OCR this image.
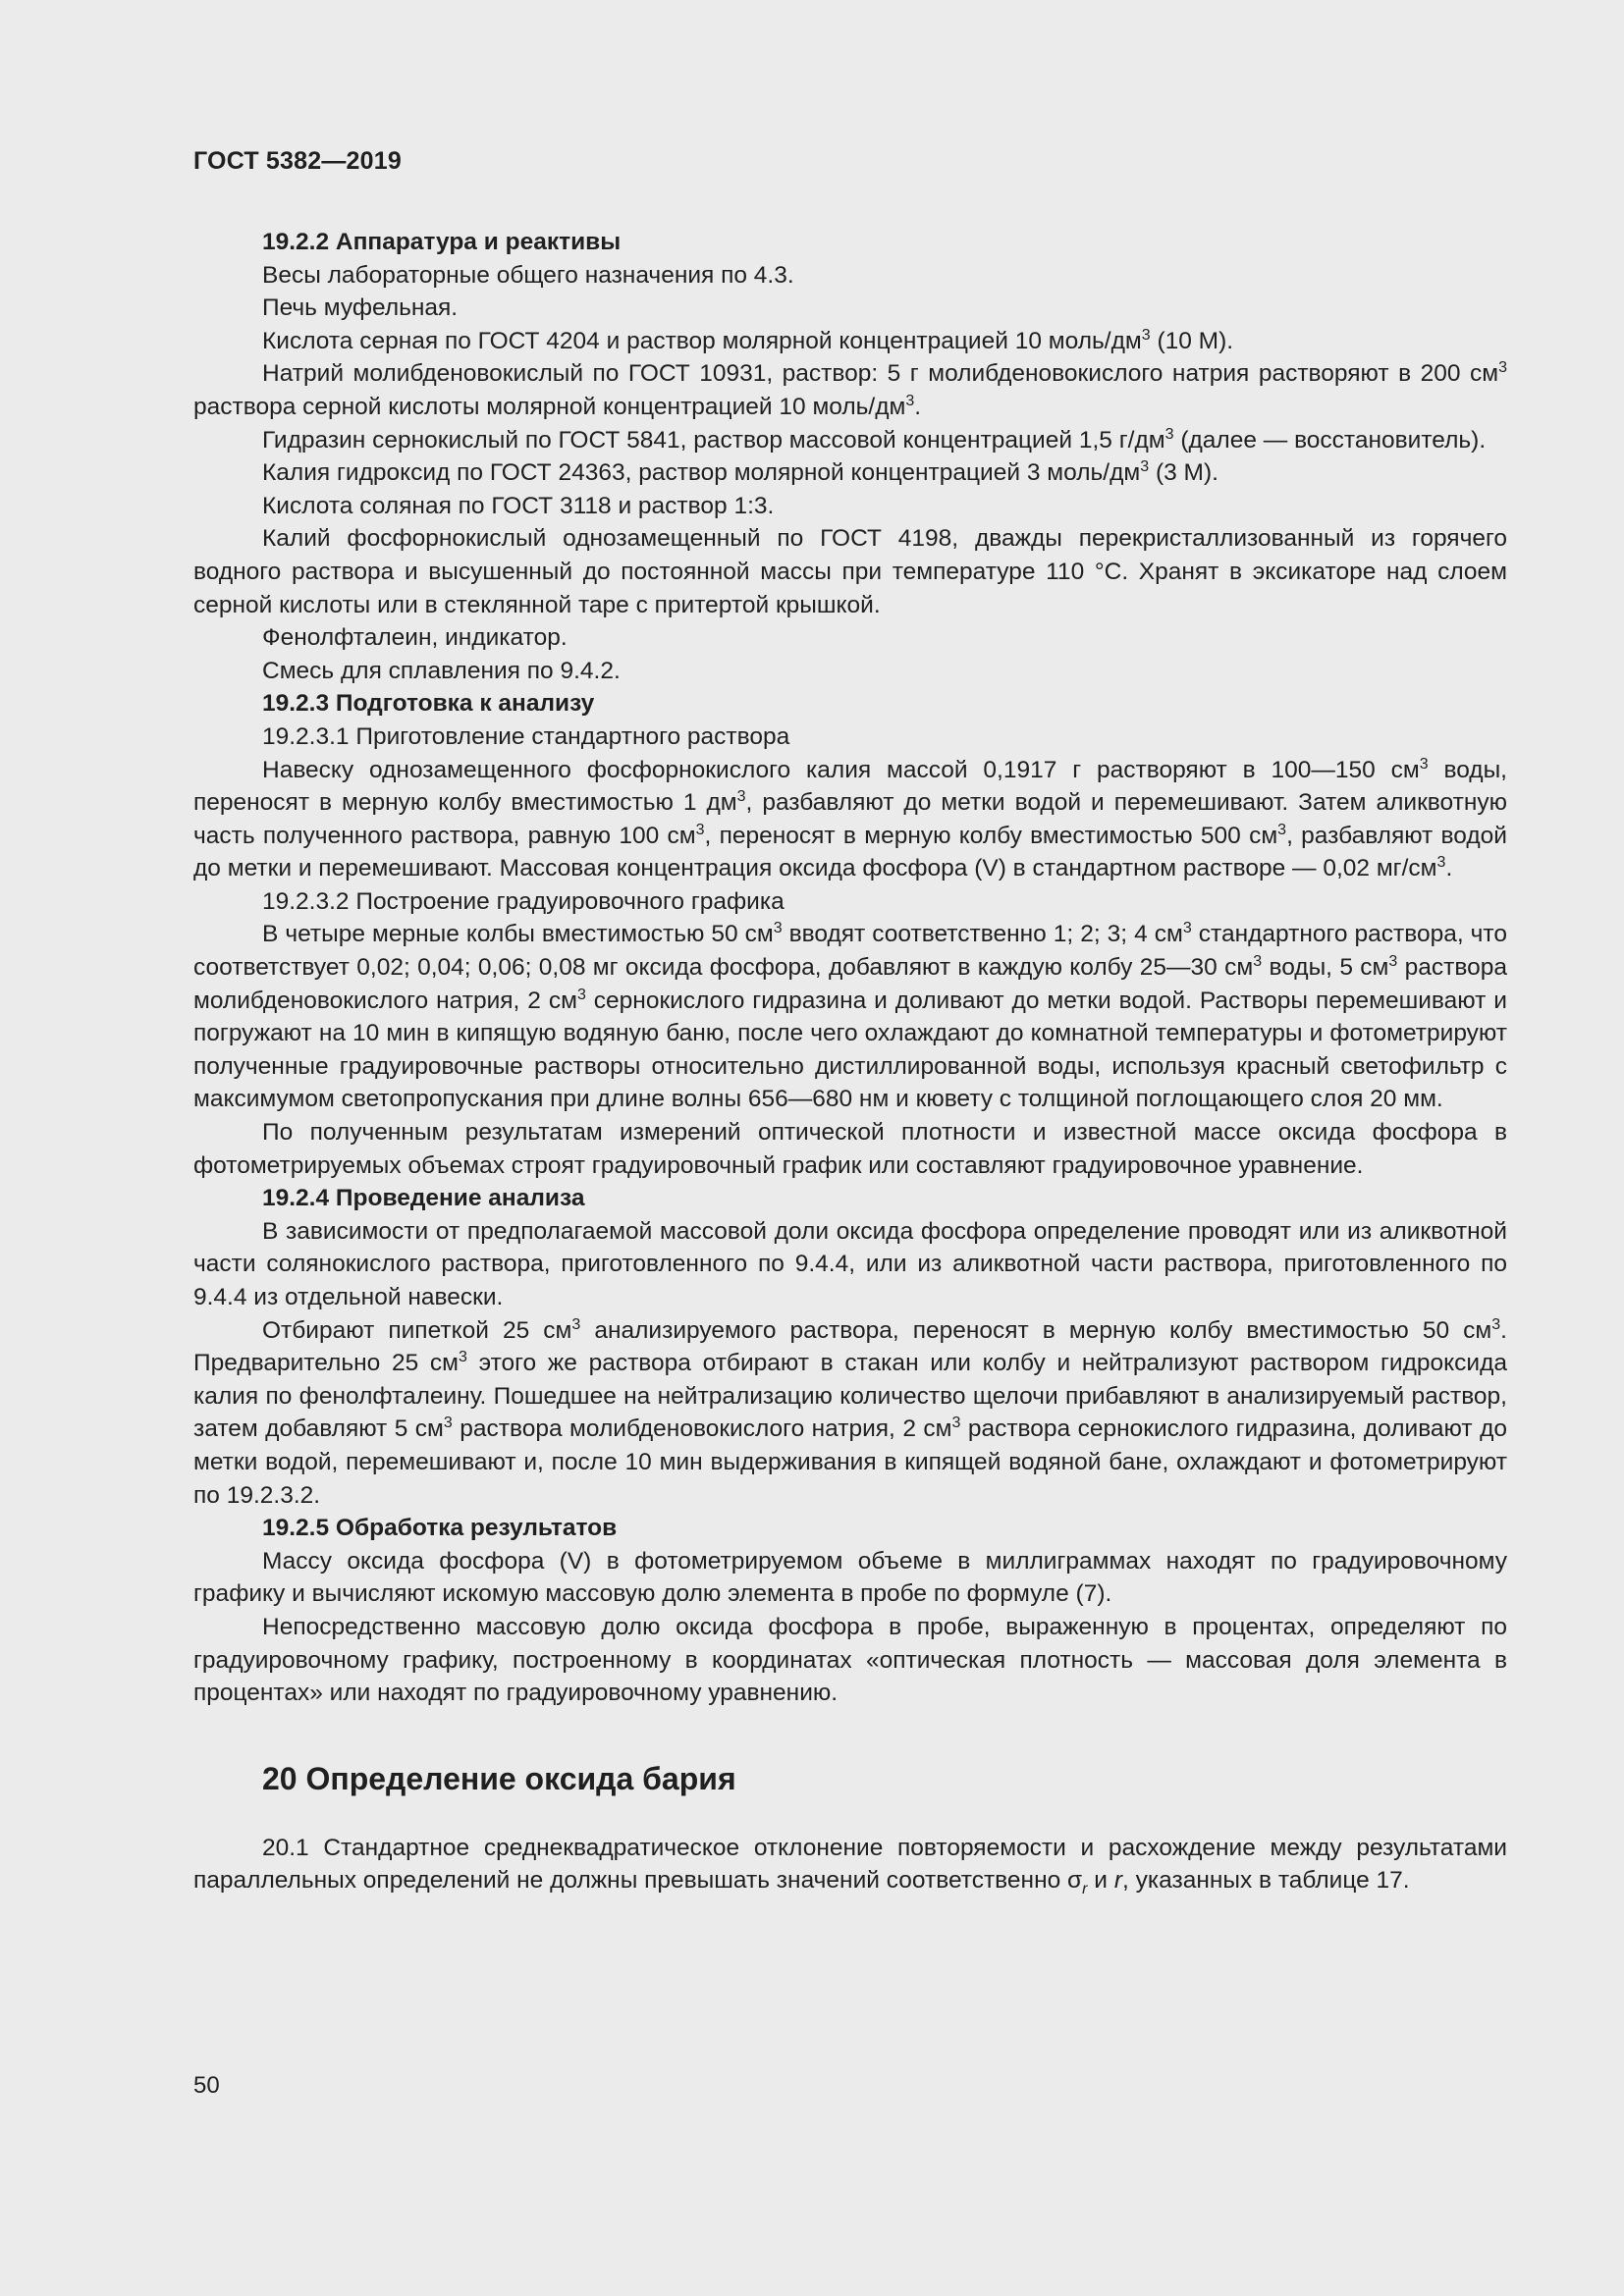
ГОСТ 5382—2019

19.2.2 Аппаратура и реактивы

Весы лабораторные общего назначения по 4.3.

Печь муфельная.

Кислота серная по ГОСТ 4204 и раствор молярной концентрацией 10 моль/$дм^3$ (10 М).

Натрий молибденовокислый по ГОСТ 10931, раствор: 5 г молибденовокислого натрия растворяют в 200 $см^3$ раствора серной кислоты молярной концентрацией 10 моль/$дм^3$.

Гидразин сернокислый по ГОСТ 5841, раствор массовой концентрацией 1,5 $г/дм^3$ (далее — восстановитель).

Калия гидроксид по ГОСТ 24363, раствор молярной концентрацией 3 моль/$дм^3$ (3 М).

Кислота соляная по ГОСТ 3118 и раствор 1:3.

Калий фосфорнокислый однозамещенный по ГОСТ 4198, дважды перекристаллизованный из горячего водного раствора и высушенный до постоянной массы при температуре 110 °С. Хранят в эксикаторе над слоем серной кислоты или в стеклянной таре с притертой крышкой.

Фенолфталеин, индикатор.

Смесь для сплавления по 9.4.2.

19.2.3 Подготовка к анализу

19.2.3.1 Приготовление стандартного раствора

Навеску однозамещенного фосфорнокислого калия массой 0,1917 г растворяют в 100—150 $см^3$ воды, переносят в мерную колбу вместимостью 1 $дм^3$, разбавляют до метки водой и перемешивают. Затем аликвотную часть полученного раствора, равную 100 $см^3$, переносят в мерную колбу вместимостью 500 $см^3$, разбавляют водой до метки и перемешивают. Массовая концентрация оксида фосфора (V) в стандартном растворе — 0,02 $мг/см^3$.

19.2.3.2 Построение градуировочного графика

В четыре мерные колбы вместимостью 50 $см^3$ вводят соответственно 1; 2; 3; 4 $см^3$ стандартного раствора, что соответствует 0,02; 0,04; 0,06; 0,08 мг оксида фосфора, добавляют в каждую колбу 25—30 $см^3$ воды, 5 $см^3$ раствора молибденовокислого натрия, 2 $см^3$ сернокислого гидразина и доливают до метки водой. Растворы перемешивают и погружают на 10 мин в кипящую водяную баню, после чего охлаждают до комнатной температуры и фотометрируют полученные градуировочные растворы относительно дистиллированной воды, используя красный светофильтр с максимумом светопропускания при длине волны 656—680 нм и кювету с толщиной поглощающего слоя 20 мм.

По полученным результатам измерений оптической плотности и известной массе оксида фосфора в фотометрируемых объемах строят градуировочный график или составляют градуировочное уравнение.

19.2.4 Проведение анализа

В зависимости от предполагаемой массовой доли оксида фосфора определение проводят или из аликвотной части солянокислого раствора, приготовленного по 9.4.4, или из аликвотной части раствора, приготовленного по 9.4.4 из отдельной навески.

Отбирают пипеткой 25 $см^3$ анализируемого раствора, переносят в мерную колбу вместимостью 50 $см^3$. Предварительно 25 $см^3$ этого же раствора отбирают в стакан или колбу и нейтрализуют раствором гидроксида калия по фенолфталеину. Пошедшее на нейтрализацию количество щелочи прибавляют в анализируемый раствор, затем добавляют 5 $см^3$ раствора молибденовокислого натрия, 2 $см^3$ раствора сернокислого гидразина, доливают до метки водой, перемешивают и, после 10 мин выдерживания в кипящей водяной бане, охлаждают и фотометрируют по 19.2.3.2.

19.2.5 Обработка результатов

Массу оксида фосфора (V) в фотометрируемом объеме в миллиграммах находят по градуировочному графику и вычисляют искомую массовую долю элемента в пробе по формуле (7).

Непосредственно массовую долю оксида фосфора в пробе, выраженную в процентах, определяют по градуировочному графику, построенному в координатах «оптическая плотность — массовая доля элемента в процентах» или находят по градуировочному уравнению.

20 Определение оксида бария

20.1 Стандартное среднеквадратическое отклонение повторяемости и расхождение между результатами параллельных определений не должны превышать значений соответственно $\sigma_r$ и r, указанных в таблице 17.

50
